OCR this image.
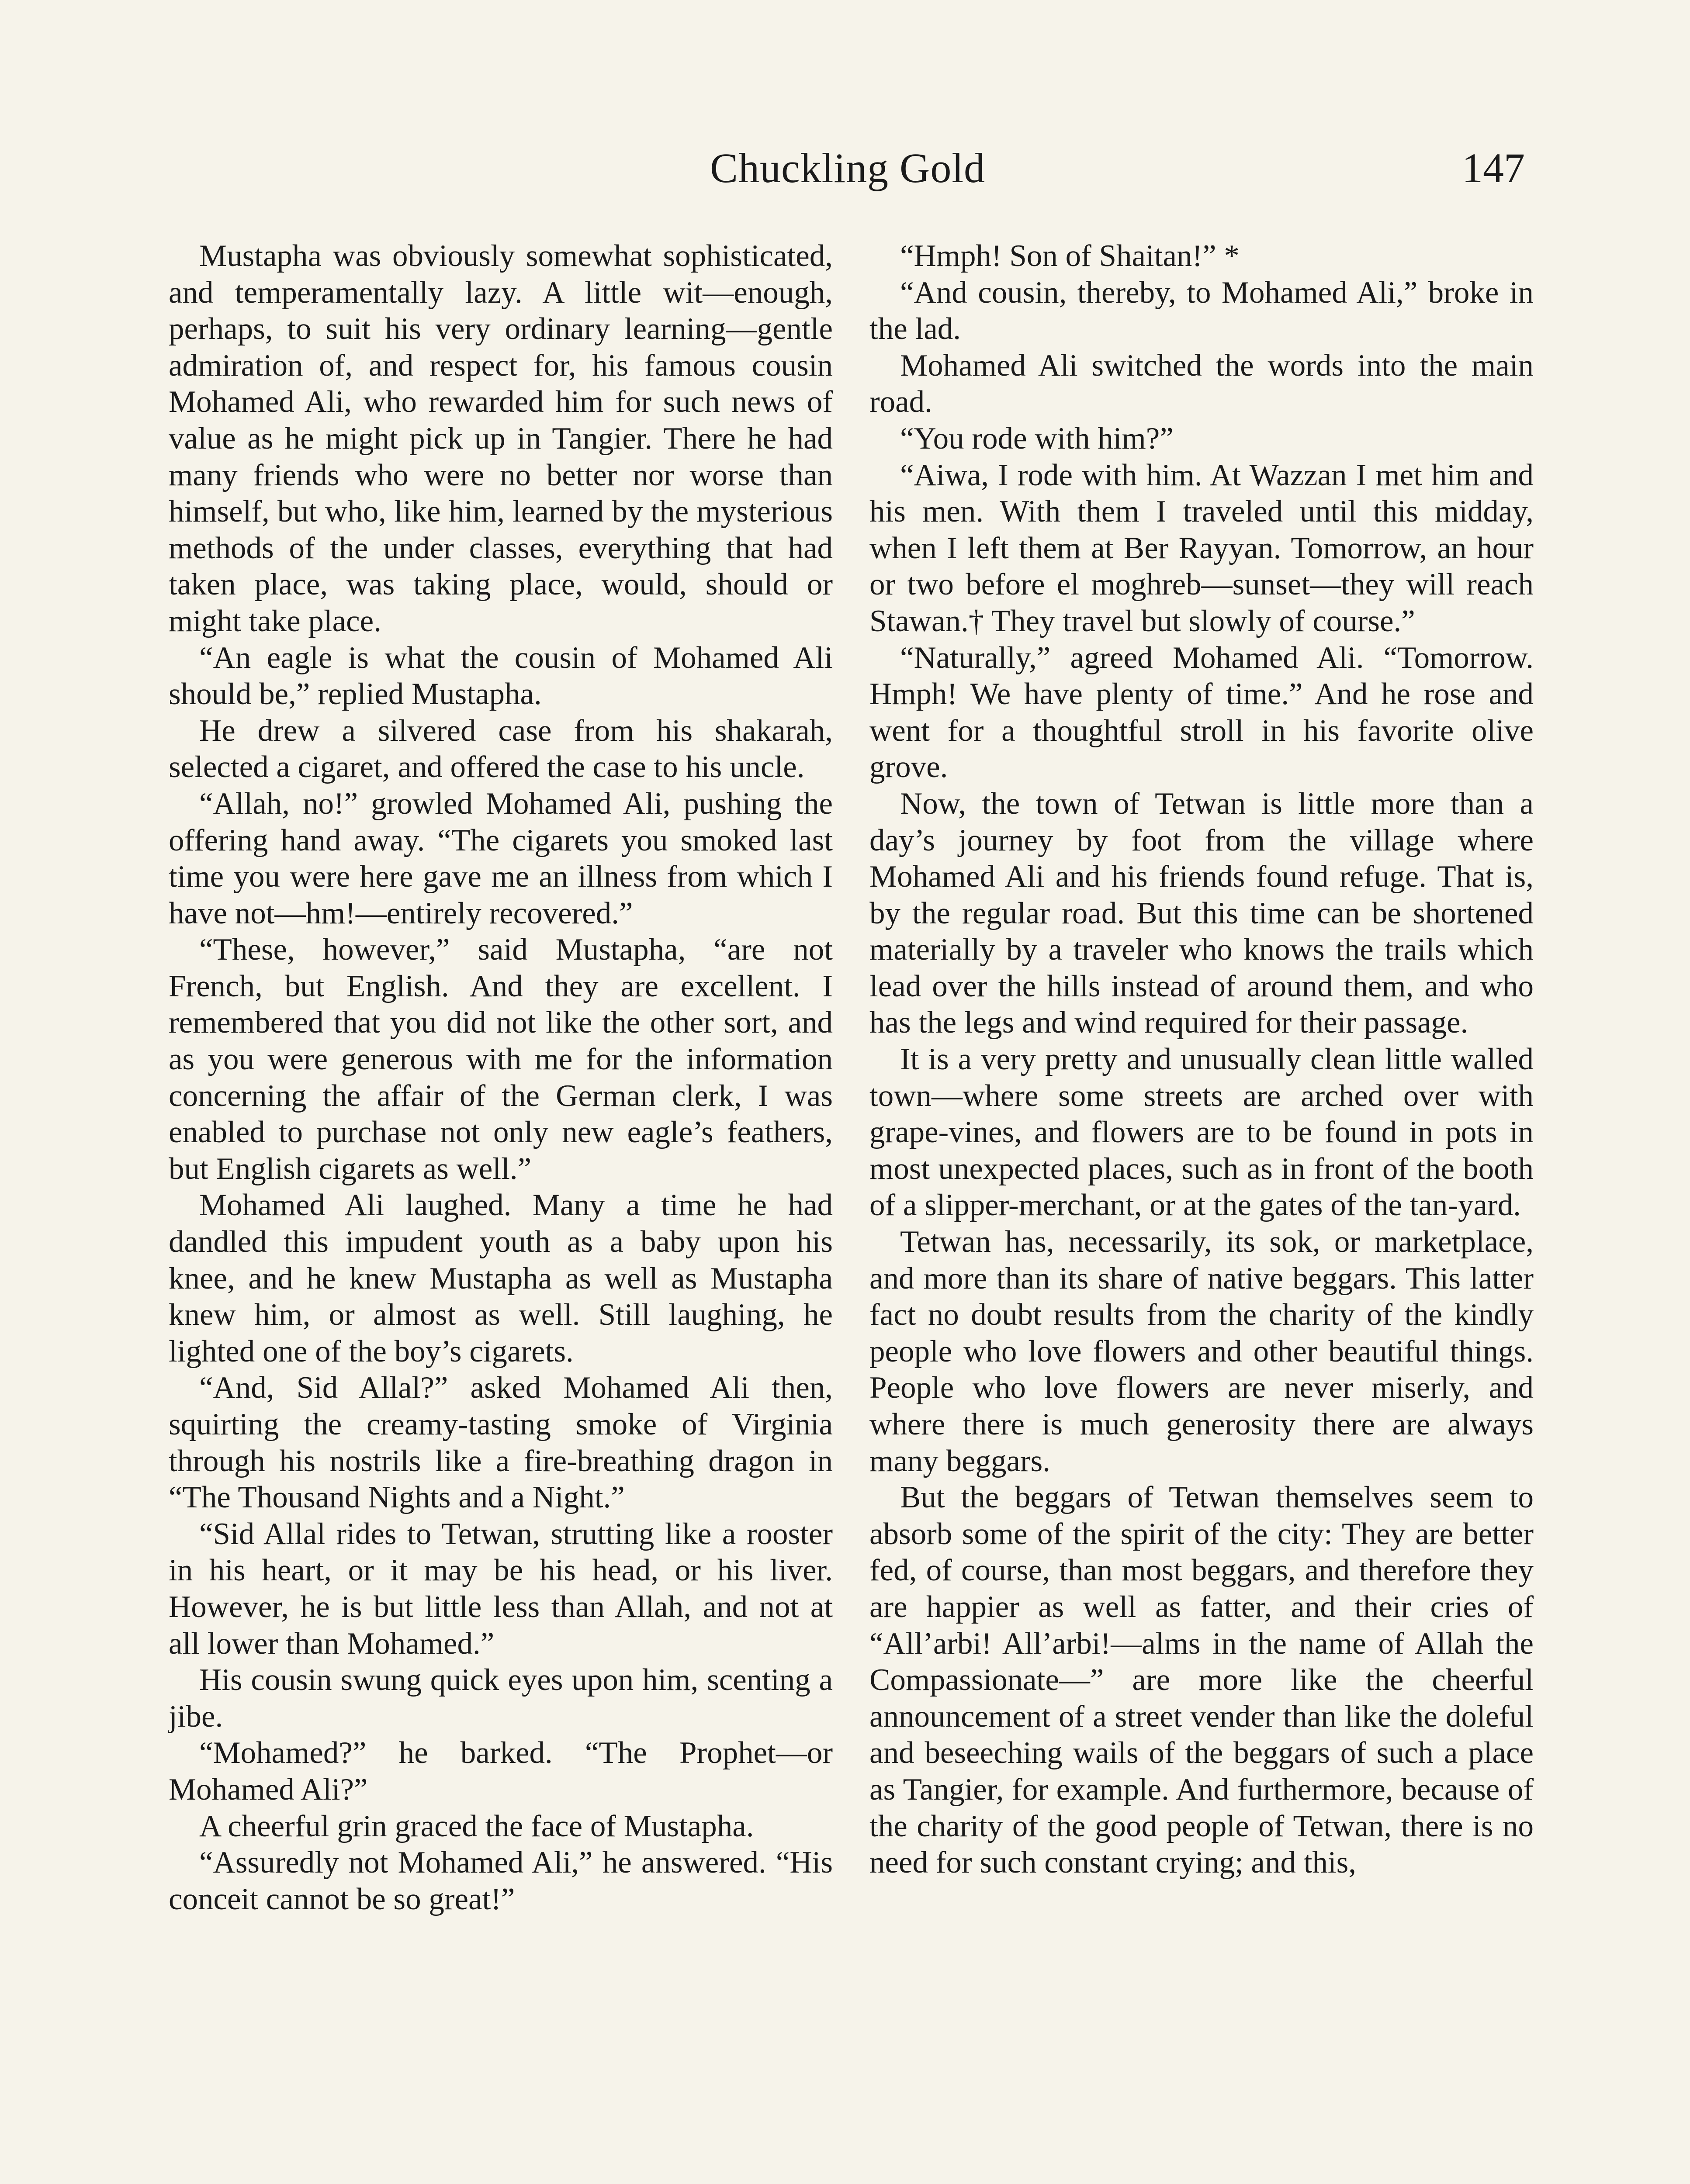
Chuckling Gold	147

Mustapha was obviously somewhat sophisticated, and temperamentally lazy. A little wit—enough, perhaps, to suit his very ordinary learning—gentle admiration of, and respect for, his famous cousin Mohamed Ali, who rewarded him for such news of value as he might pick up in Tangier. There he had many friends who were no better nor worse than himself, but who, like him, learned by the mysterious methods of the under classes, everything that had taken place, was taking place, would, should or might take place.

“An eagle is what the cousin of Mohamed Ali should be,” replied Mustapha.

He drew a silvered case from his shakarah, selected a cigaret, and offered the case to his uncle.

“Allah, no!” growled Mohamed Ali, pushing the offering hand away. “The cigarets you smoked last time you were here gave me an illness from which I have not—hm!—entirely recovered.”

“These, however,” said Mustapha, “are not French, but English. And they are excellent. I remembered that you did not like the other sort, and as you were generous with me for the information concerning the affair of the German clerk, I was enabled to purchase not only new eagle’s feathers, but English cigarets as well.”

Mohamed Ali laughed. Many a time he had dandled this impudent youth as a baby upon his knee, and he knew Mustapha as well as Mustapha knew him, or almost as well. Still laughing, he lighted one of the boy’s cigarets.

“And, Sid Allal?” asked Mohamed Ali then, squirting the creamy-tasting smoke of Virginia through his nostrils like a fire-breathing dragon in “The Thousand Nights and a Night.”

“Sid Allal rides to Tetwan, strutting like a rooster in his heart, or it may be his head, or his liver. However, he is but little less than Allah, and not at all lower than Mohamed.”

His cousin swung quick eyes upon him, scenting a jibe.

“Mohamed?” he barked. “The Prophet—or Mohamed Ali?”

A cheerful grin graced the face of Mustapha.

“Assuredly not Mohamed Ali,” he answered. “His conceit cannot be so great!”

“Hmph! Son of Shaitan!” *

“And cousin, thereby, to Mohamed Ali,” broke in the lad.

Mohamed Ali switched the words into the main road.

“You rode with him?”

“Aiwa, I rode with him. At Wazzan I met him and his men. With them I traveled until this midday, when I left them at Ber Rayyan. Tomorrow, an hour or two before el moghreb—sunset—they will reach Stawan.† They travel but slowly of course.”

“Naturally,” agreed Mohamed Ali. “Tomorrow. Hmph! We have plenty of time.” And he rose and went for a thoughtful stroll in his favorite olive grove.

Now, the town of Tetwan is little more than a day’s journey by foot from the village where Mohamed Ali and his friends found refuge. That is, by the regular road. But this time can be shortened materially by a traveler who knows the trails which lead over the hills instead of around them, and who has the legs and wind required for their passage.

It is a very pretty and unusually clean little walled town—where some streets are arched over with grape-vines, and flowers are to be found in pots in most unexpected places, such as in front of the booth of a slipper-merchant, or at the gates of the tan-yard.

Tetwan has, necessarily, its sok, or marketplace, and more than its share of native beggars. This latter fact no doubt results from the charity of the kindly people who love flowers and other beautiful things. People who love flowers are never miserly, and where there is much generosity there are always many beggars.

But the beggars of Tetwan themselves seem to absorb some of the spirit of the city: They are better fed, of course, than most beggars, and therefore they are happier as well as fatter, and their cries of “All’arbi! All’arbi!—alms in the name of Allah the Compassionate—” are more like the cheerful announcement of a street vender than like the doleful and beseeching wails of the beggars of such a place as Tangier, for example. And furthermore, because of the charity of the good people of Tetwan, there is no need for such constant crying; and this,
